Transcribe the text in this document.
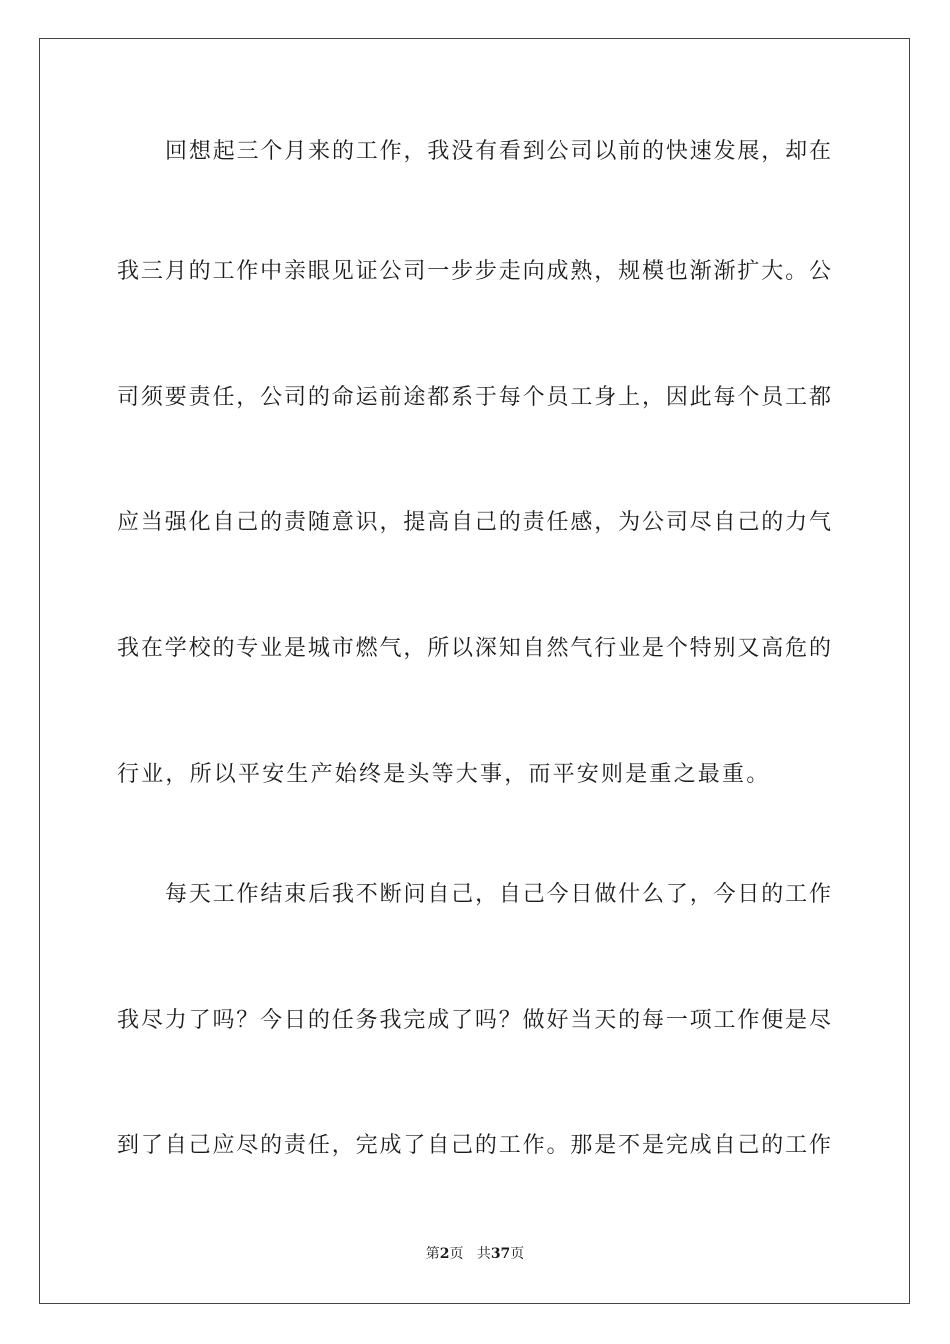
回想起三个月来的工作，我没有看到公司以前的快速发展，却在
我三月的工作中亲眼见证公司一步步走向成熟，规模也渐渐扩大。公
司须要责任，公司的命运前途都系于每个员工身上，因此每个员工都
应当强化自己的责随意识，提高自己的责任感，为公司尽自己的力气
我在学校的专业是城市燃气，所以深知自然气行业是个特别又高危的
行业，所以平安生产始终是头等大事，而平安则是重之最重。
每天工作结束后我不断问自己，自己今日做什么了，今日的工作
我尽力了吗？今日的任务我完成了吗？做好当天的每一项工作便是尽
到了自己应尽的责任，完成了自己的工作。那是不是完成自己的工作
第2页 共37页
